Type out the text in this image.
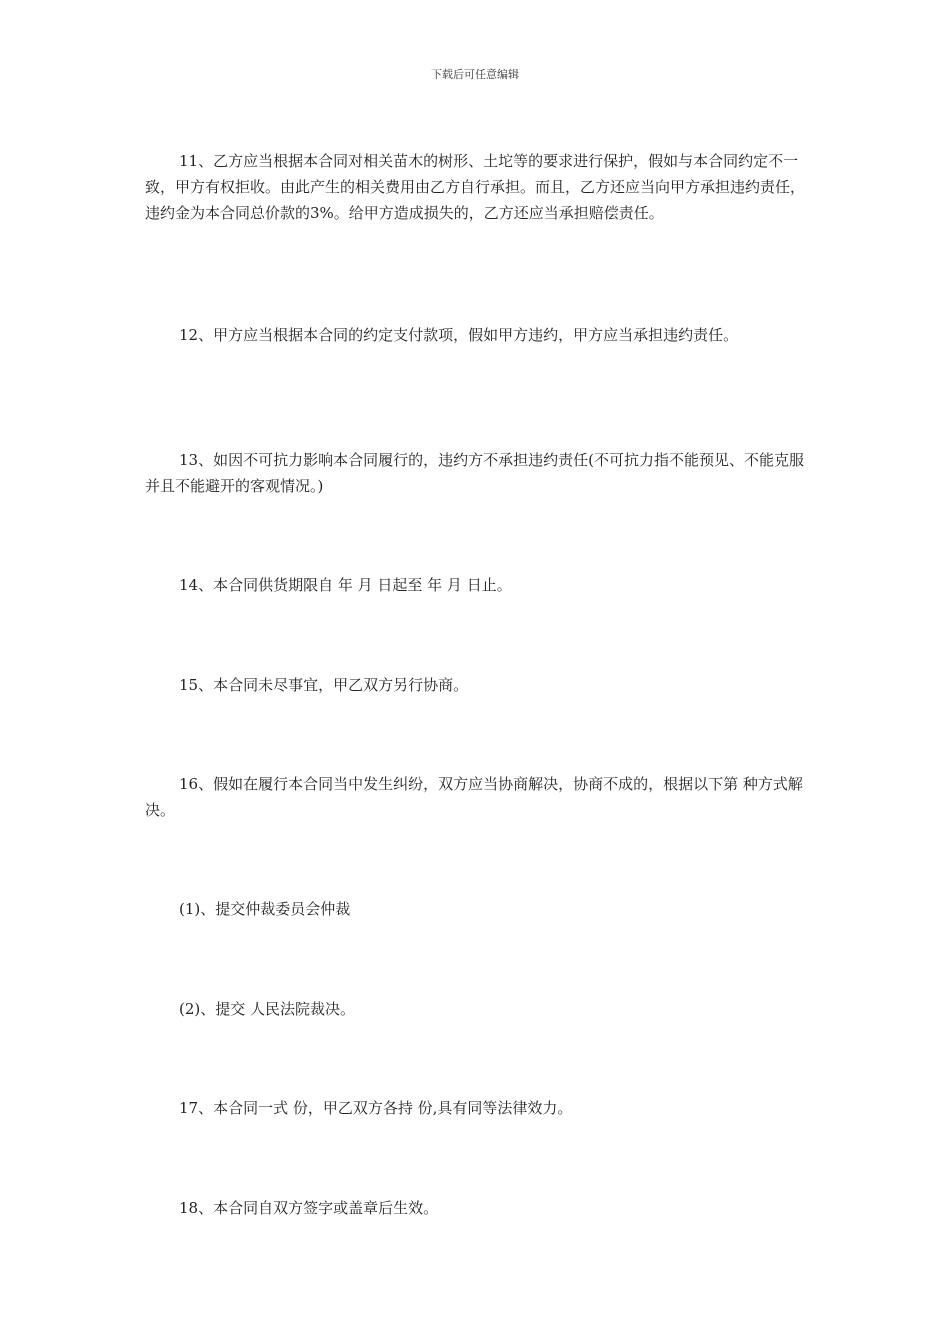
下载后可任意编辑

11、乙方应当根据本合同对相关苗木的树形、土坨等的要求进行保护，假如与本合同约定不一致，甲方有权拒收。由此产生的相关费用由乙方自行承担。而且，乙方还应当向甲方承担违约责任，违约金为本合同总价款的3%。给甲方造成损失的，乙方还应当承担赔偿责任。

12、甲方应当根据本合同的约定支付款项，假如甲方违约，甲方应当承担违约责任。

13、如因不可抗力影响本合同履行的，违约方不承担违约责任(不可抗力指不能预见、不能克服并且不能避开的客观情况。)

14、本合同供货期限自 年 月 日起至 年 月 日止。

15、本合同未尽事宜，甲乙双方另行协商。

16、假如在履行本合同当中发生纠纷，双方应当协商解决，协商不成的，根据以下第 种方式解决。

(1)、提交仲裁委员会仲裁

(2)、提交 人民法院裁决。

17、本合同一式 份，甲乙双方各持 份,具有同等法律效力。

18、本合同自双方签字或盖章后生效。
